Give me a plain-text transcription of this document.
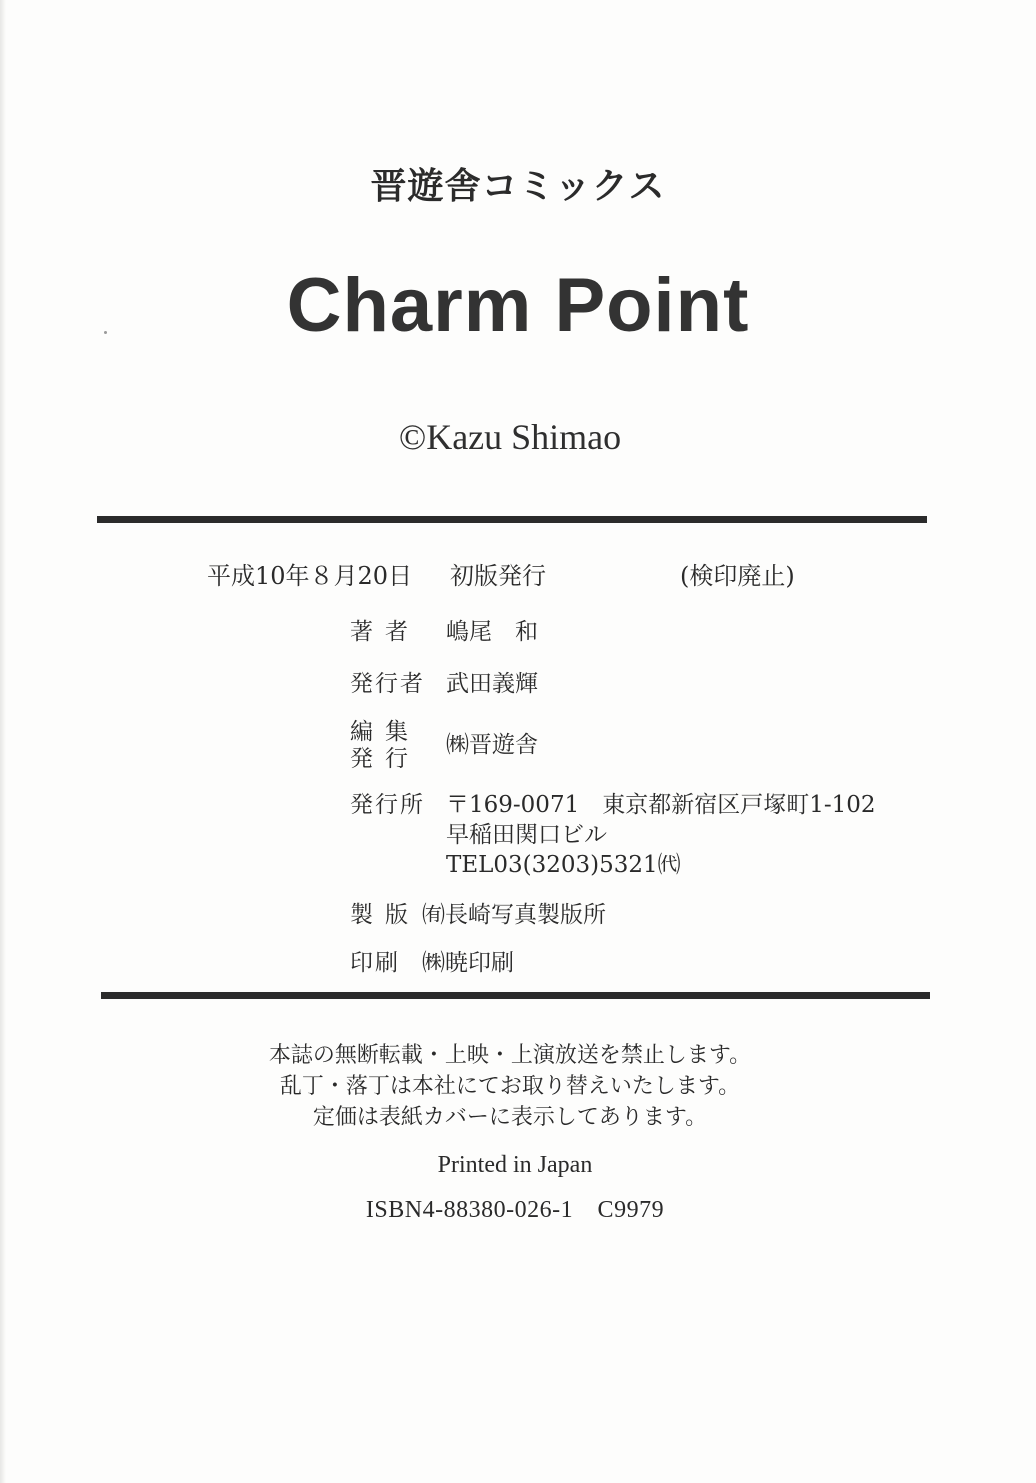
晋遊舎コミックス
Charm Point
©Kazu Shimao
平成10年８月20日 初版発行	(検印廃止)
著者 嶋尾　和
発行者 武田義輝
編集
発行
㈱晋遊舎
発行所 〒169-0071　東京都新宿区戸塚町1-102
早稲田関口ビル
TEL03(3203)5321㈹
製版 ㈲長崎写真製版所
印刷 ㈱暁印刷
本誌の無断転載・上映・上演放送を禁止します。
乱丁・落丁は本社にてお取り替えいたします。
定価は表紙カバーに表示してあります。
Printed in Japan
ISBN4-88380-026-1　C9979
